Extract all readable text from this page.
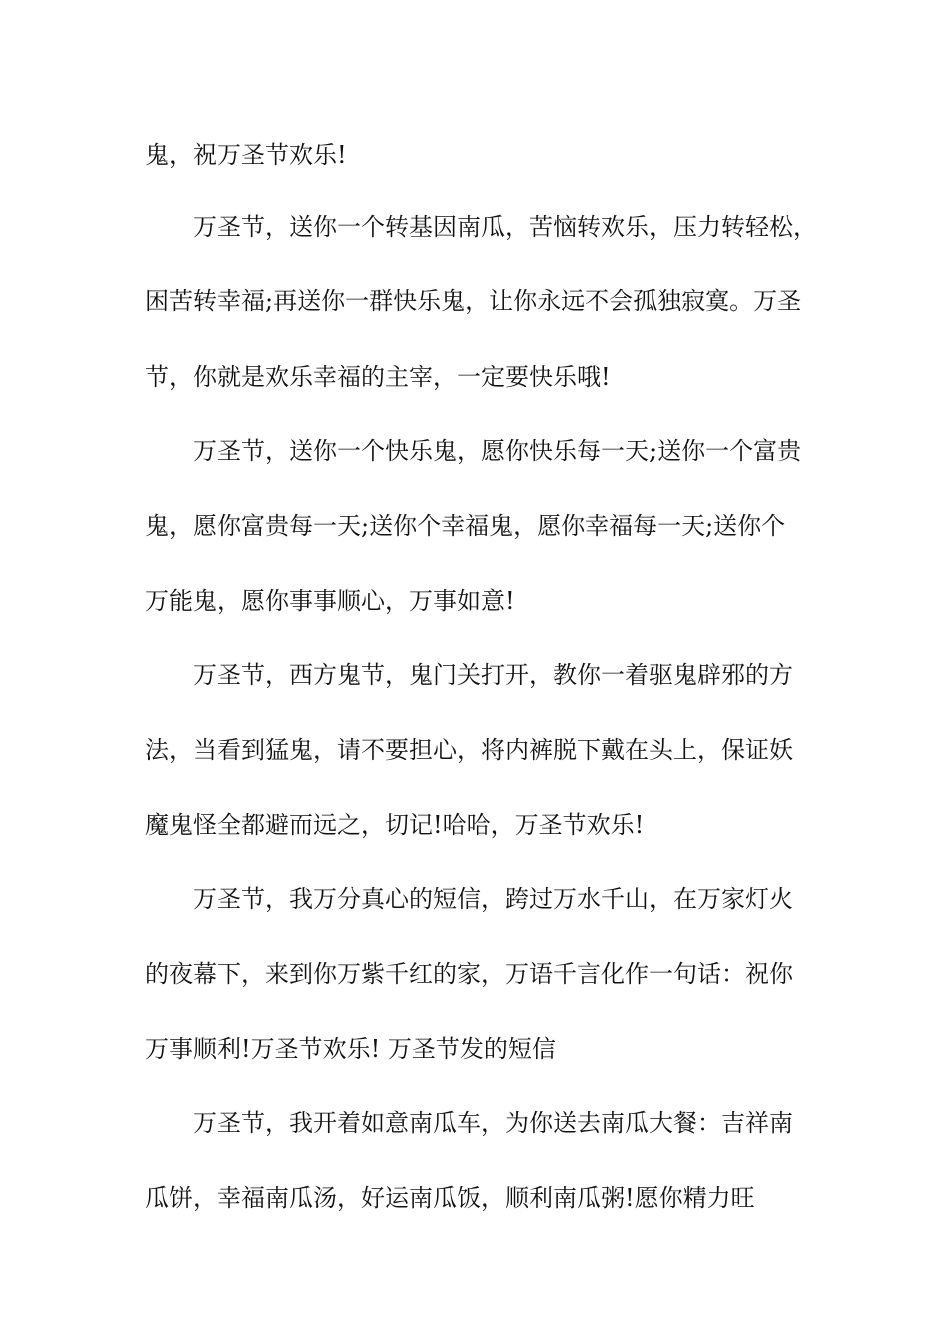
鬼，祝万圣节欢乐!

万圣节，送你一个转基因南瓜，苦恼转欢乐，压力转轻松，

困苦转幸福;再送你一群快乐鬼，让你永远不会孤独寂寞。万圣

节，你就是欢乐幸福的主宰，一定要快乐哦!

万圣节，送你一个快乐鬼，愿你快乐每一天;送你一个富贵

鬼，愿你富贵每一天;送你个幸福鬼，愿你幸福每一天;送你个

万能鬼，愿你事事顺心，万事如意!

万圣节，西方鬼节，鬼门关打开，教你一着驱鬼辟邪的方

法，当看到猛鬼，请不要担心，将内裤脱下戴在头上，保证妖

魔鬼怪全都避而远之，切记!哈哈，万圣节欢乐!

万圣节，我万分真心的短信，跨过万水千山，在万家灯火

的夜幕下，来到你万紫千红的家，万语千言化作一句话：祝你

万事顺利!万圣节欢乐! 万圣节发的短信

万圣节，我开着如意南瓜车，为你送去南瓜大餐：吉祥南

瓜饼，幸福南瓜汤，好运南瓜饭，顺利南瓜粥!愿你精力旺
